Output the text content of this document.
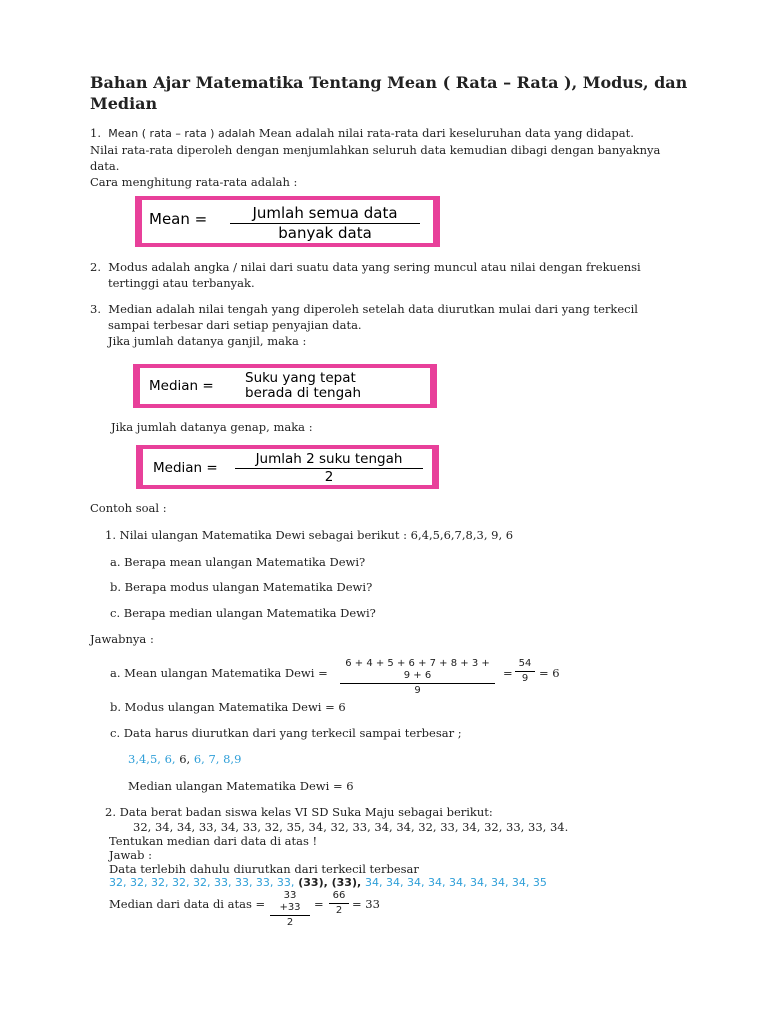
Bahan Ajar Matematika Tentang Mean ( Rata – Rata ), Modus, dan
Median
1. Mean ( rata – rata ) adalah Mean adalah nilai rata-rata dari keseluruhan data yang didapat.
Nilai rata-rata diperoleh dengan menjumlahkan seluruh data kemudian dibagi dengan banyaknya
data.
Cara menghitung rata-rata adalah :
Mean =	Jumlah semua data
banyak data
2. Modus adalah angka / nilai dari suatu data yang sering muncul atau nilai dengan frekuensi
tertinggi atau terbanyak.
3. Median adalah nilai tengah yang diperoleh setelah data diurutkan mulai dari yang terkecil
sampai terbesar dari setiap penyajian data.
Jika jumlah datanya ganjil, maka :
Median = Suku yang tepat
berada di tengah
Jika jumlah datanya genap, maka :
Median =
Jumlah 2 suku tengah
2
Contoh soal :
1. Nilai ulangan Matematika Dewi sebagai berikut : 6,4,5,6,7,8,3, 9, 6
a. Berapa mean ulangan Matematika Dewi?
b. Berapa modus ulangan Matematika Dewi?
c. Berapa median ulangan Matematika Dewi?
Jawabnya :
a. Mean ulangan Matematika Dewi = $\frac{6 + 4 + 5 + 6 + 7 + 8 + 3 + 9 + 6}{9} = \frac{54}{9} = 6$
b. Modus ulangan Matematika Dewi = 6
c. Data harus diurutkan dari yang terkecil sampai terbesar ;
3,4,5, 6, 6, 6, 7, 8,9
Median ulangan Matematika Dewi = 6
2. Data berat badan siswa kelas VI SD Suka Maju sebagai berikut:
32, 34, 34, 33, 34, 33, 32, 35, 34, 32, 33, 34, 34, 32, 33, 34, 32, 33, 33, 34.
Tentukan median dari data di atas !
Jawab :
Data terlebih dahulu diurutkan dari terkecil terbesar
32, 32, 32, 32, 32, 33, 33, 33, 33, (33), (33), 34, 34, 34, 34, 34, 34, 34, 34, 35
Median dari data di atas = $\frac{33 +33}{2} = \frac{66}{2} = 33$
